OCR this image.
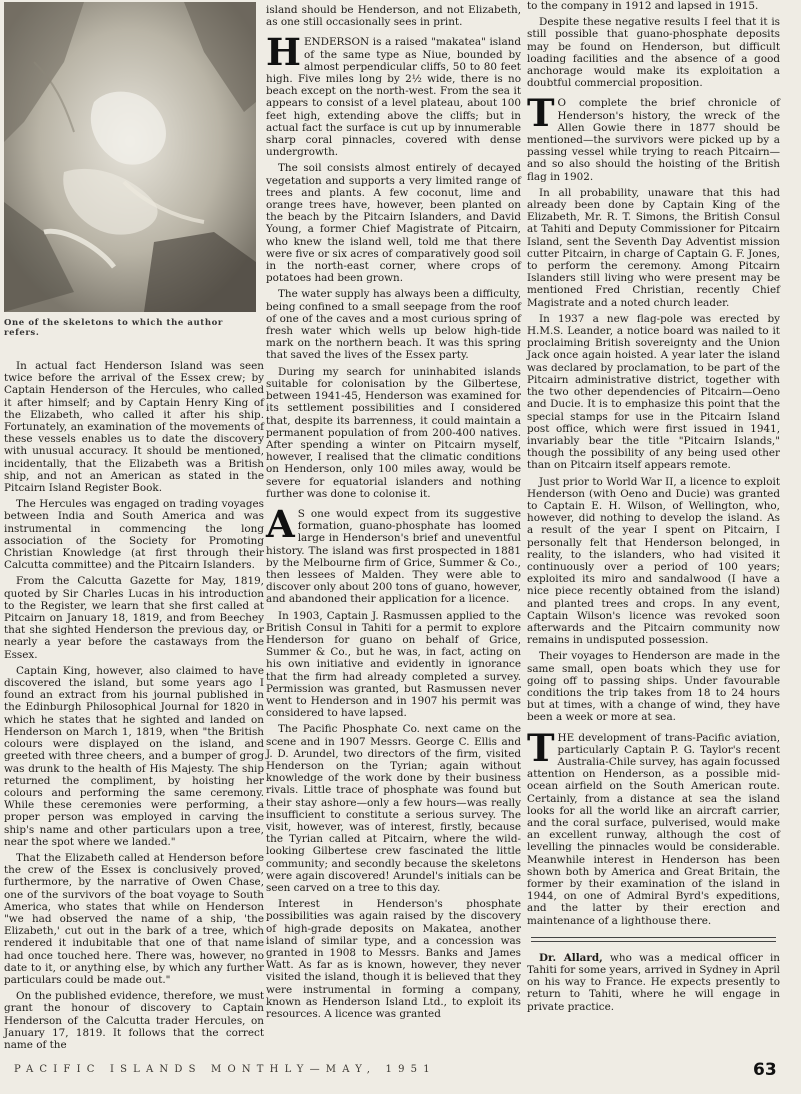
One of the skeletons to which the author refers.

In actual fact Henderson Island was seen twice before the arrival of the Essex crew; by Captain Henderson of the Hercules, who called it after himself; and by Captain Henry King of the Elizabeth, who called it after his ship. Fortunately, an examination of the movements of these vessels enables us to date the discovery with unusual accuracy. It should be mentioned, incidentally, that the Elizabeth was a British ship, and not an American as stated in the Pitcairn Island Register Book.

The Hercules was engaged on trading voyages between India and South America and was instrumental in commencing the long association of the Society for Promoting Christian Knowledge (at first through their Calcutta committee) and the Pitcairn Islanders.

From the Calcutta Gazette for May, 1819, quoted by Sir Charles Lucas in his introduction to the Register, we learn that she first called at Pitcairn on January 18, 1819, and from Beechey that she sighted Henderson the previous day, or nearly a year before the castaways from the Essex.

Captain King, however, also claimed to have discovered the island, but some years ago I found an extract from his journal published in the Edinburgh Philosophical Journal for 1820 in which he states that he sighted and landed on Henderson on March 1, 1819, when "the British colours were displayed on the island, and greeted with three cheers, and a bumper of grog was drunk to the health of His Majesty. The ship returned the compliment, by hoisting her colours and performing the same ceremony. While these ceremonies were performing, a proper person was employed in carving the ship's name and other particulars upon a tree, near the spot where we landed."

That the Elizabeth called at Henderson before the crew of the Essex is conclusively proved, furthermore, by the narrative of Owen Chase, one of the survivors of the boat voyage to South America, who states that while on Henderson "we had observed the name of a ship, 'the Elizabeth,' cut out in the bark of a tree, which rendered it indubitable that one of that name had once touched here. There was, however, no date to it, or anything else, by which any further particulars could be made out."

On the published evidence, therefore, we must grant the honour of discovery to Captain Henderson of the Calcutta trader Hercules, on January 17, 1819. It follows that the correct name of the

island should be Henderson, and not Elizabeth, as one still occasionally sees in print.

HENDERSON is a raised "makatea" island of the same type as Niue, bounded by almost perpendicular cliffs, 50 to 80 feet high. Five miles long by 2½ wide, there is no beach except on the north-west. From the sea it appears to consist of a level plateau, about 100 feet high, extending above the cliffs; but in actual fact the surface is cut up by innumerable sharp coral pinnacles, covered with dense undergrowth.

The soil consists almost entirely of decayed vegetation and supports a very limited range of trees and plants. A few coconut, lime and orange trees have, however, been planted on the beach by the Pitcairn Islanders, and David Young, a former Chief Magistrate of Pitcairn, who knew the island well, told me that there were five or six acres of comparatively good soil in the north-east corner, where crops of potatoes had been grown.

The water supply has always been a difficulty, being confined to a small seepage from the roof of one of the caves and a most curious spring of fresh water which wells up below high-tide mark on the northern beach. It was this spring that saved the lives of the Essex party.

During my search for uninhabited islands suitable for colonisation by the Gilbertese, between 1941-45, Henderson was examined for its settlement possibilities and I considered that, despite its barrenness, it could maintain a permanent population of from 200-400 natives. After spending a winter on Pitcairn myself, however, I realised that the climatic conditions on Henderson, only 100 miles away, would be severe for equatorial islanders and nothing further was done to colonise it.

A S one would expect from its suggestive formation, guano-phosphate has loomed large in Henderson's brief and uneventful history. The island was first prospected in 1881 by the Melbourne firm of Grice, Summer & Co., then lessees of Malden. They were able to discover only about 200 tons of guano, however, and abandoned their application for a licence.

In 1903, Captain J. Rasmussen applied to the British Consul in Tahiti for a permit to explore Henderson for guano on behalf of Grice, Summer & Co., but he was, in fact, acting on his own initiative and evidently in ignorance that the firm had already completed a survey. Permission was granted, but Rasmussen never went to Henderson and in 1907 his permit was considered to have lapsed.

The Pacific Phosphate Co. next came on the scene and in 1907 Messrs. George C. Ellis and J. D. Arundel, two directors of the firm, visited Henderson on the Tyrian; again without knowledge of the work done by their business rivals. Little trace of phosphate was found but their stay ashore—only a few hours—was really insufficient to constitute a serious survey. The visit, however, was of interest, firstly, because the Tyrian called at Pitcairn, where the wild-looking Gilbertese crew fascinated the little community; and secondly because the skeletons were again discovered! Arundel's initials can be seen carved on a tree to this day.

Interest in Henderson's phosphate possibilities was again raised by the discovery of high-grade deposits on Makatea, another island of similar type, and a concession was granted in 1908 to Messrs. Banks and James Watt. As far as is known, however, they never visited the island, though it is believed that they were instrumental in forming a company, known as Henderson Island Ltd., to exploit its resources. A licence was granted

to the company in 1912 and lapsed in 1915.

Despite these negative results I feel that it is still possible that guano-phosphate deposits may be found on Henderson, but difficult loading facilities and the absence of a good anchorage would make its exploitation a doubtful commercial proposition.

T O complete the brief chronicle of Henderson's history, the wreck of the Allen Gowie there in 1877 should be mentioned—the survivors were picked up by a passing vessel while trying to reach Pitcairn—and so also should the hoisting of the British flag in 1902.

In all probability, unaware that this had already been done by Captain King of the Elizabeth, Mr. R. T. Simons, the British Consul at Tahiti and Deputy Commissioner for Pitcairn Island, sent the Seventh Day Adventist mission cutter Pitcairn, in charge of Captain G. F. Jones, to perform the ceremony. Among Pitcairn Islanders still living who were present may be mentioned Fred Christian, recently Chief Magistrate and a noted church leader.

In 1937 a new flag-pole was erected by H.M.S. Leander, a notice board was nailed to it proclaiming British sovereignty and the Union Jack once again hoisted. A year later the island was declared by proclamation, to be part of the Pitcairn administrative district, together with the two other dependencies of Pitcairn—Oeno and Ducie. It is to emphasize this point that the special stamps for use in the Pitcairn Island post office, which were first issued in 1941, invariably bear the title "Pitcairn Islands," though the possibility of any being used other than on Pitcairn itself appears remote.

Just prior to World War II, a licence to exploit Henderson (with Oeno and Ducie) was granted to Captain E. H. Wilson, of Wellington, who, however, did nothing to develop the island. As a result of the year I spent on Pitcairn, I personally felt that Henderson belonged, in reality, to the islanders, who had visited it continuously over a period of 100 years; exploited its miro and sandalwood (I have a nice piece recently obtained from the island) and planted trees and crops. In any event, Captain Wilson's licence was revoked soon afterwards and the Pitcairn community now remains in undisputed possession.

Their voyages to Henderson are made in the same small, open boats which they use for going off to passing ships. Under favourable conditions the trip takes from 18 to 24 hours but at times, with a change of wind, they have been a week or more at sea.

THE development of trans-Pacific aviation, particularly Captain P. G. Taylor's recent Australia-Chile survey, has again focussed attention on Henderson, as a possible mid-ocean airfield on the South American route. Certainly, from a distance at sea the island looks for all the world like an aircraft carrier, and the coral surface, pulverised, would make an excellent runway, although the cost of levelling the pinnacles would be considerable. Meanwhile interest in Henderson has been shown both by America and Great Britain, the former by their examination of the island in 1944, on one of Admiral Byrd's expeditions, and the latter by their erection and maintenance of a lighthouse there.

Dr. Allard, who was a medical officer in Tahiti for some years, arrived in Sydney in April on his way to France. He expects presently to return to Tahiti, where he will engage in private practice.

PACIFIC ISLANDS MONTHLY—MAY, 1951	63
